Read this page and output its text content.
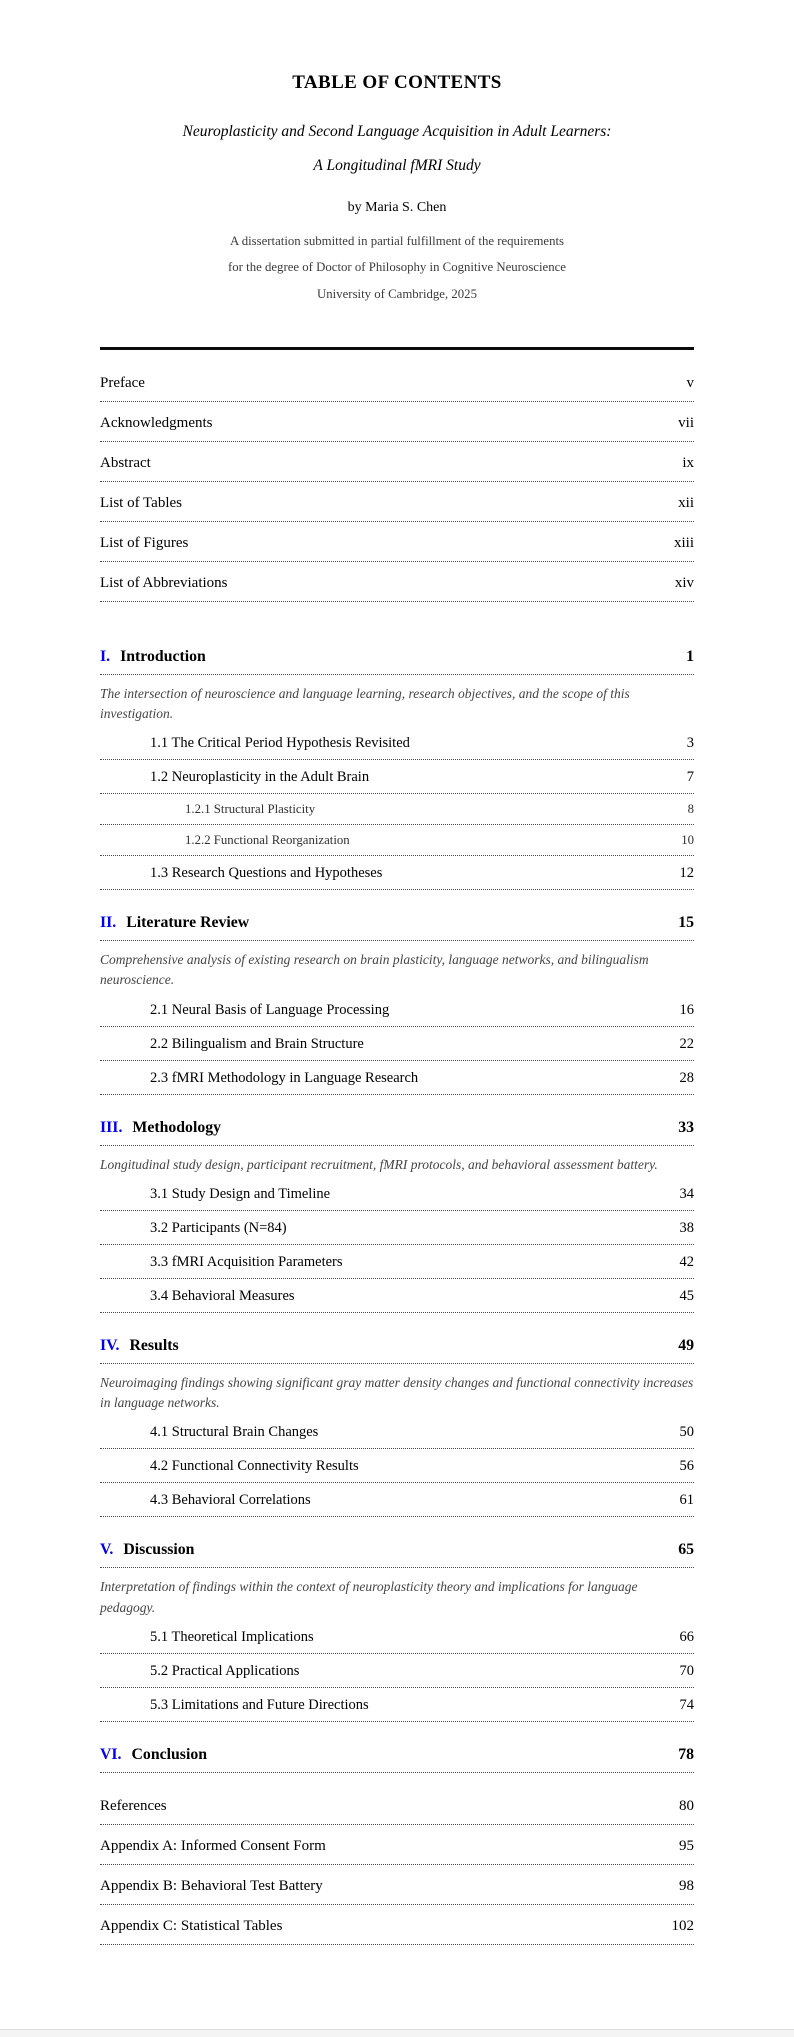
TABLE OF CONTENTS

Neuroplasticity and Second Language Acquisition in Adult Learners:

A Longitudinal fMRI Study

by Maria S. Chen

A dissertation submitted in partial fulfillment of the requirements

for the degree of Doctor of Philosophy in Cognitive Neuroscience

University of Cambridge, 2025

Preface	v
Acknowledgments	vii
Abstract	ix
List of Tables	xii
List of Figures	xiii
List of Abbreviations	xiv
I. Introduction	1

The intersection of neuroscience and language learning, research objectives, and the scope of this investigation.

1.1 The Critical Period Hypothesis Revisited	3
1.2 Neuroplasticity in the Adult Brain	7
1.2.1 Structural Plasticity	8
1.2.2 Functional Reorganization	10
1.3 Research Questions and Hypotheses	12
II. Literature Review	15

Comprehensive analysis of existing research on brain plasticity, language networks, and bilingualism neuroscience.

2.1 Neural Basis of Language Processing	16
2.2 Bilingualism and Brain Structure	22
2.3 fMRI Methodology in Language Research	28
III. Methodology	33

Longitudinal study design, participant recruitment, fMRI protocols, and behavioral assessment battery.

3.1 Study Design and Timeline	34
3.2 Participants (N=84)	38
3.3 fMRI Acquisition Parameters	42
3.4 Behavioral Measures	45
IV. Results	49

Neuroimaging findings showing significant gray matter density changes and functional connectivity increases in language networks.

4.1 Structural Brain Changes	50
4.2 Functional Connectivity Results	56
4.3 Behavioral Correlations	61
V. Discussion	65

Interpretation of findings within the context of neuroplasticity theory and implications for language pedagogy.

5.1 Theoretical Implications	66
5.2 Practical Applications	70
5.3 Limitations and Future Directions	74
VI. Conclusion	78
References	80
Appendix A: Informed Consent Form	95
Appendix B: Behavioral Test Battery	98
Appendix C: Statistical Tables	102
